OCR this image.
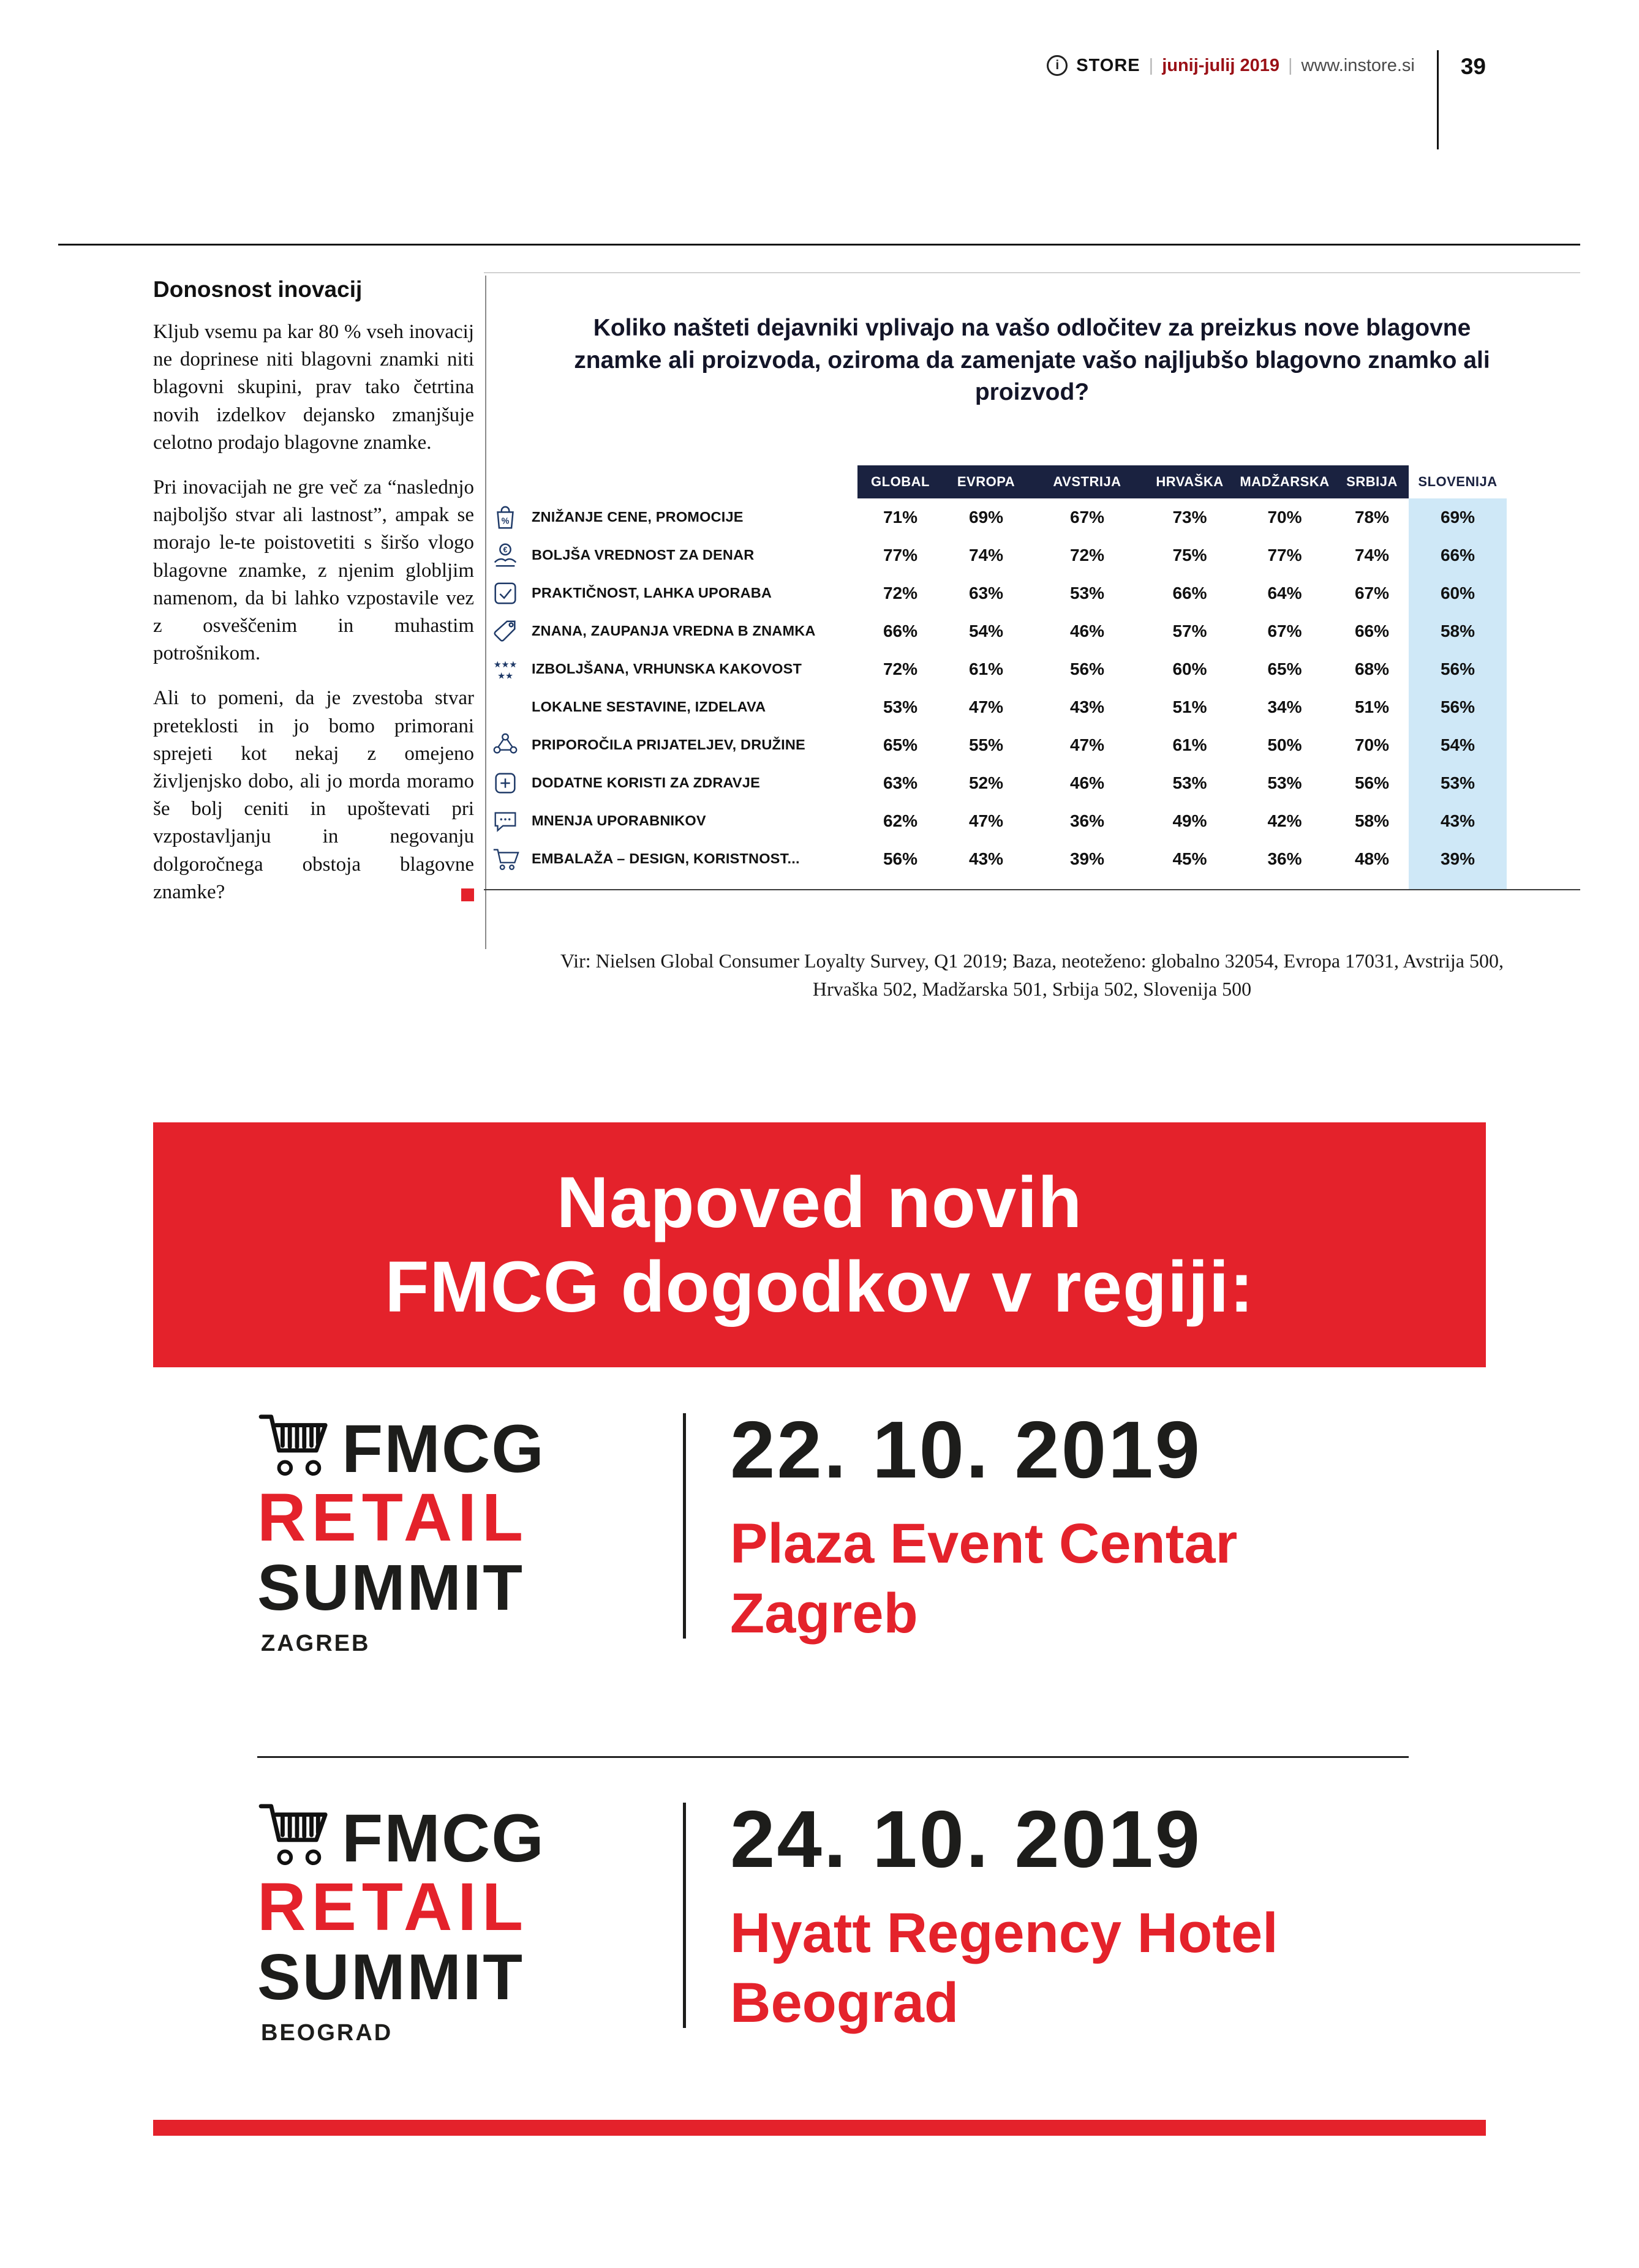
i STORE | junij-julij 2019 | www.instore.si 39
Donosnost inovacij
Kljub vsemu pa kar 80 % vseh inovacij ne doprinese niti blagovni znamki niti blagovni skupini, prav tako četrtina novih izdelkov dejansko zmanjšuje celotno prodajo blagovne znamke.
Pri inovacijah ne gre več za “naslednjo najboljšo stvar ali lastnost”, ampak se morajo le-te poistovetiti s širšo vlogo blagovne znamke, z njenim globljim namenom, da bi lahko vzpostavile vez z osveščenim in muhastim potrošnikom.
Ali to pomeni, da je zvestoba stvar preteklosti in jo bomo primorani sprejeti kot nekaj z omejeno življenjsko dobo, ali jo morda moramo še bolj ceniti in upoštevati pri vzpostavljanju in negovanju dolgoročnega obstoja blagovne znamke?
Koliko našteti dejavniki vplivajo na vašo odločitev za preizkus nove blagovne znamke ali proizvoda, oziroma da zamenjate vašo najljubšo blagovno znamko ali proizvod?
GLOBAL	EVROPA	AVSTRIJA	HRVAŠKA	MADŽARSKA	SRBIJA	SLOVENIJA
%	ZNIŽANJE CENE, PROMOCIJE	71%	69%	67%	73%	70%	78%	69%
€	BOLJŠA VREDNOST ZA DENAR	77%	74%	72%	75%	77%	74%	66%
PRAKTIČNOST, LAHKA UPORABA	72%	63%	53%	66%	64%	67%	60%
ZNANA, ZAUPANJA VREDNA B ZNAMKA	66%	54%	46%	57%	67%	66%	58%
★★★
★★	IZBOLJŠANA, VRHUNSKA KAKOVOST	72%	61%	56%	60%	65%	68%	56%
LOKALNE SESTAVINE, IZDELAVA	53%	47%	43%	51%	34%	51%	56%
PRIPOROČILA PRIJATELJEV, DRUŽINE	65%	55%	47%	61%	50%	70%	54%
DODATNE KORISTI ZA ZDRAVJE	63%	52%	46%	53%	53%	56%	53%
MNENJA UPORABNIKOV	62%	47%	36%	49%	42%	58%	43%
EMBALAŽA – DESIGN, KORISTNOST...	56%	43%	39%	45%	36%	48%	39%
Vir: Nielsen Global Consumer Loyalty Survey, Q1 2019; Baza, neoteženo: globalno 32054, Evropa 17031, Avstrija 500, Hrvaška 502, Madžarska 501, Srbija 502, Slovenija 500
Napoved novih
FMCG dogodkov v regiji:
FMCG
RETAIL
SUMMIT
ZAGREB
22. 10. 2019
Plaza Event Centar
Zagreb
FMCG
RETAIL
SUMMIT
BEOGRAD
24. 10. 2019
Hyatt Regency Hotel
Beograd
